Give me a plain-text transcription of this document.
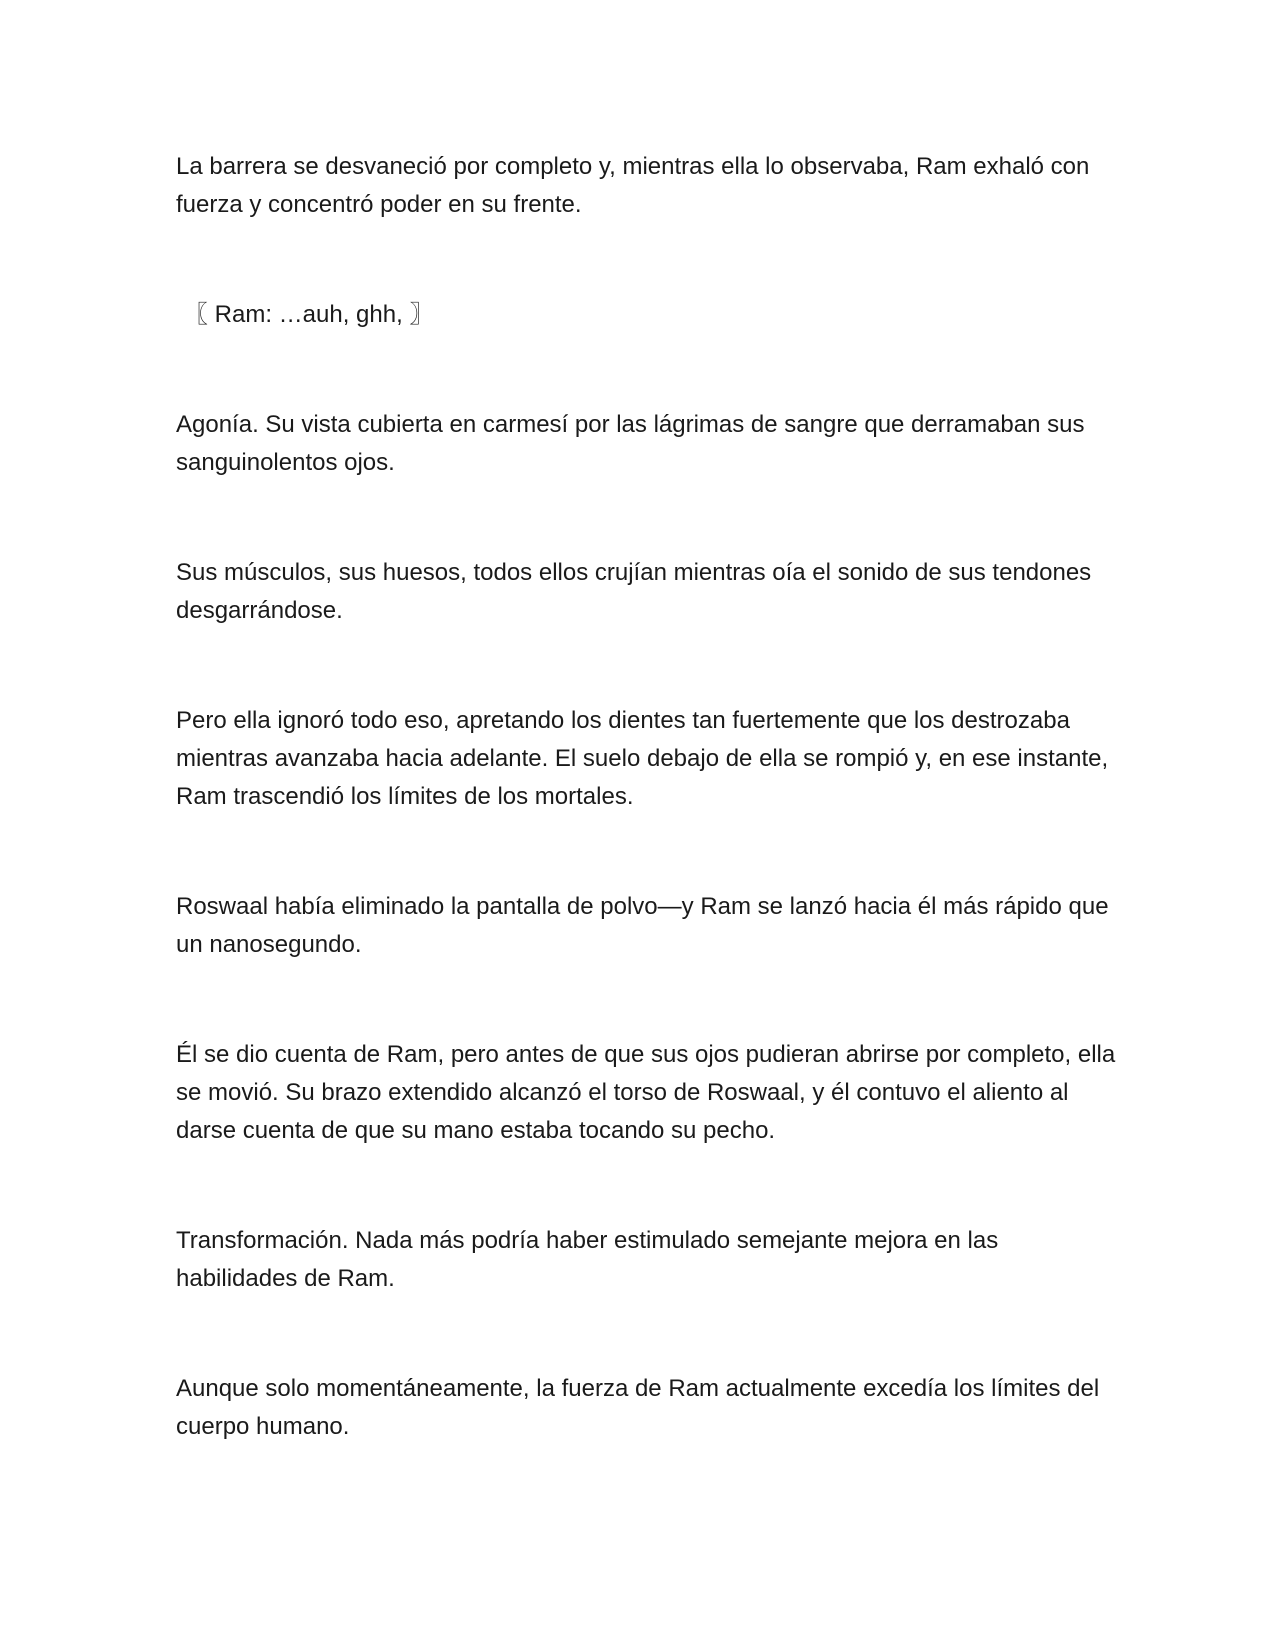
La barrera se desvaneció por completo y, mientras ella lo observaba, Ram exhaló con fuerza y concentró poder en su frente.

〖 Ram: …auh, ghh, 〗

Agonía. Su vista cubierta en carmesí por las lágrimas de sangre que derramaban sus sanguinolentos ojos.

Sus músculos, sus huesos, todos ellos crujían mientras oía el sonido de sus tendones desgarrándose.

Pero ella ignoró todo eso, apretando los dientes tan fuertemente que los destrozaba mientras avanzaba hacia adelante. El suelo debajo de ella se rompió y, en ese instante, Ram trascendió los límites de los mortales.

Roswaal había eliminado la pantalla de polvo—y Ram se lanzó hacia él más rápido que un nanosegundo.

Él se dio cuenta de Ram, pero antes de que sus ojos pudieran abrirse por completo, ella se movió. Su brazo extendido alcanzó el torso de Roswaal, y él contuvo el aliento al darse cuenta de que su mano estaba tocando su pecho.

Transformación. Nada más podría haber estimulado semejante mejora en las habilidades de Ram.

Aunque solo momentáneamente, la fuerza de Ram actualmente excedía los límites del cuerpo humano.
